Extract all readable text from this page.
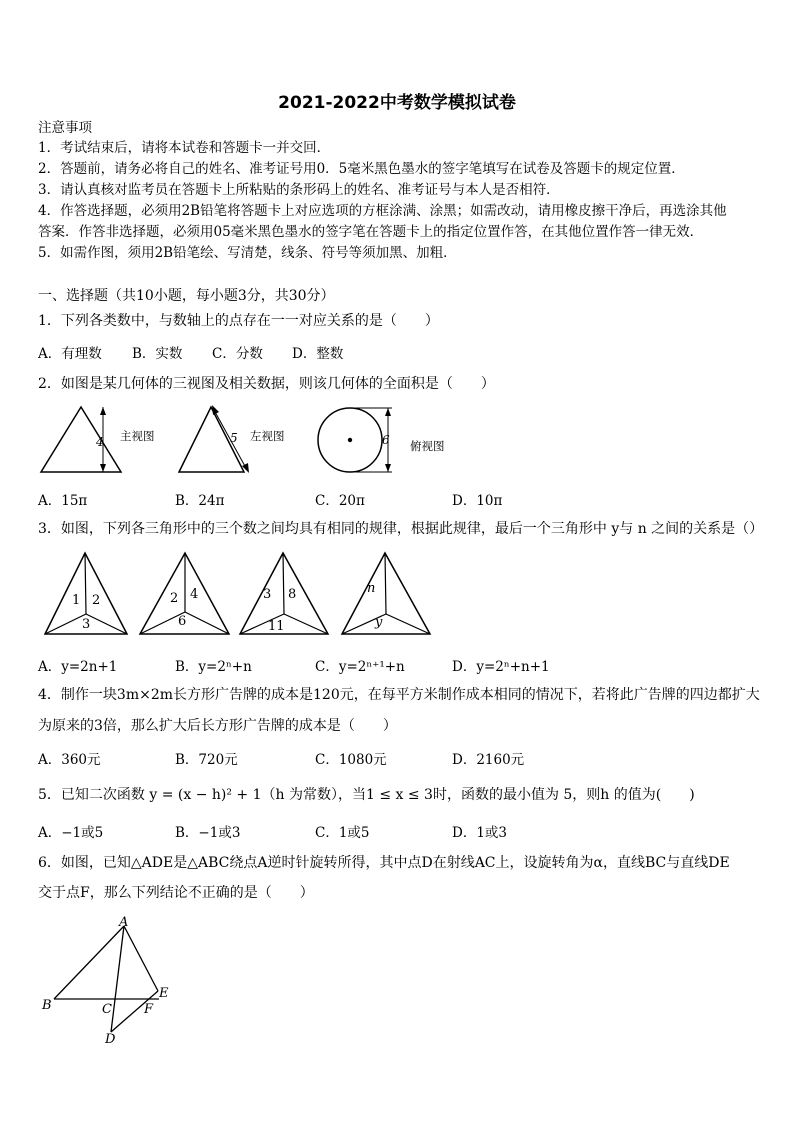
2021-2022中考数学模拟试卷
注意事项
1．考试结束后，请将本试卷和答题卡一并交回．
2．答题前，请务必将自己的姓名、准考证号用0．5毫米黑色墨水的签字笔填写在试卷及答题卡的规定位置．
3．请认真核对监考员在答题卡上所粘贴的条形码上的姓名、准考证号与本人是否相符．
4．作答选择题，必须用2B铅笔将答题卡上对应选项的方框涂满、涂黑；如需改动，请用橡皮擦干净后，再选涂其他
答案．作答非选择题，必须用05毫米黑色墨水的签字笔在答题卡上的指定位置作答，在其他位置作答一律无效．
5．如需作图，须用2B铅笔绘、写清楚，线条、符号等须加黑、加粗．
一、选择题（共10小题，每小题3分，共30分）
1．下列各类数中，与数轴上的点存在一一对应关系的是（　　）
A．有理数 B．实数 C．分数 D．整数
2．如图是某几何体的三视图及相关数据，则该几何体的全面积是（　　）
4 主视图	5 左视图	6 俯视图
A．15π	B．24π	C．20π	D．10π
3．如图，下列各三角形中的三个数之间均具有相同的规律，根据此规律，最后一个三角形中 y与 n 之间的关系是（）
1 2
3
2 4
6
3 8
11
n
y
A．y=2n+1	B．y=2ⁿ+n	C．y=2ⁿ⁺¹+n	D．y=2ⁿ+n+1
4．制作一块3m×2m长方形广告牌的成本是120元，在每平方米制作成本相同的情况下，若将此广告牌的四边都扩大
为原来的3倍，那么扩大后长方形广告牌的成本是（　　）
A．360元	B．720元	C．1080元	D．2160元
5．已知二次函数 y = (x − h)² + 1（h 为常数），当1 ≤ x ≤ 3时，函数的最小值为 5，则h 的值为(　　)
A．−1或5	B．−1或3	C．1或5	D．1或3
6．如图，已知△ADE是△ABC绕点A逆时针旋转所得，其中点D在射线AC上，设旋转角为α，直线BC与直线DE
交于点F，那么下列结论不正确的是（　　）
A
B	C
D
E
F
